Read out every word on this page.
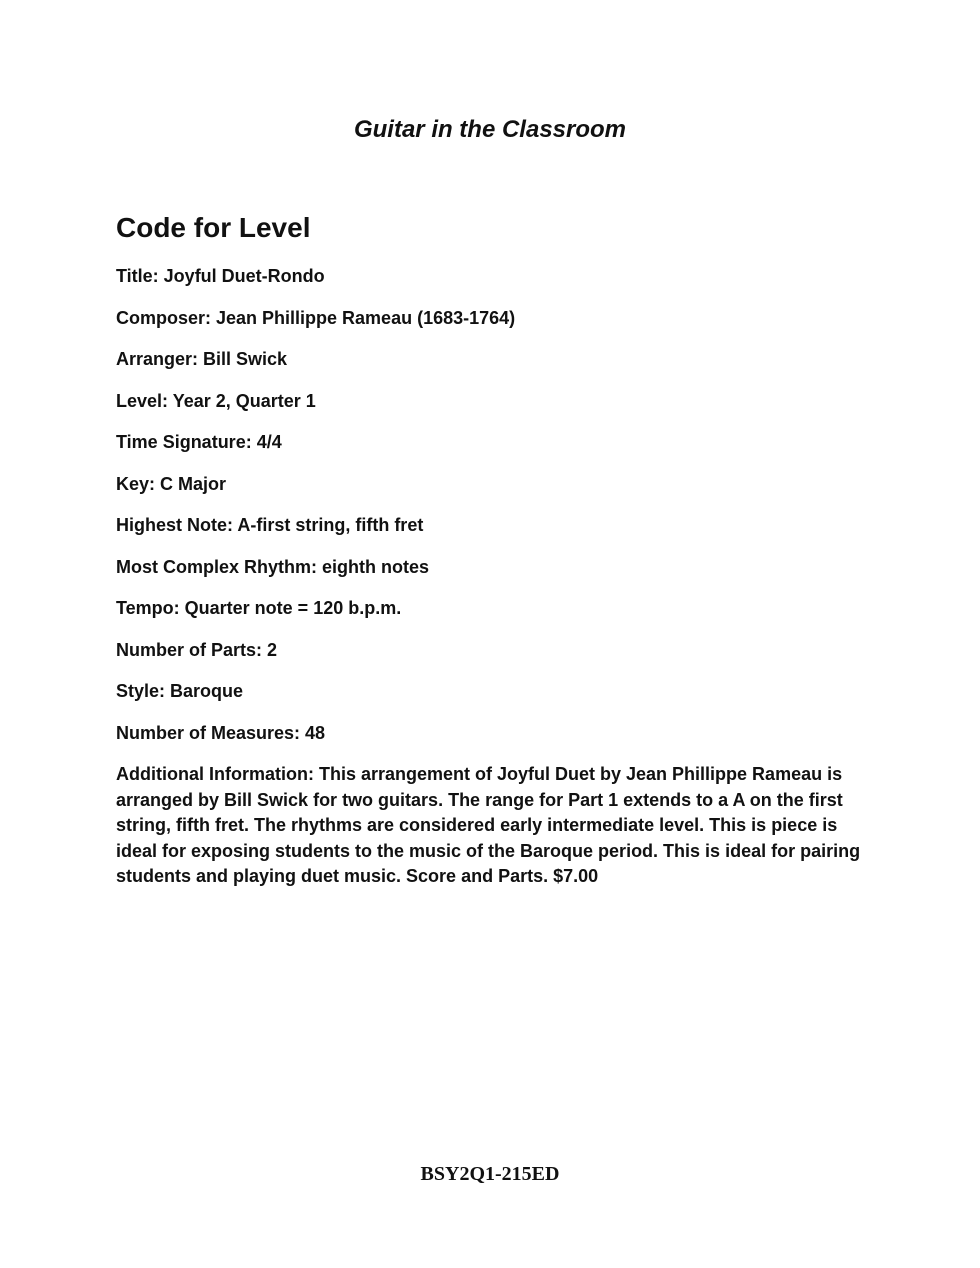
Guitar in the Classroom
Code for Level
Title: Joyful Duet-Rondo
Composer: Jean Phillippe Rameau (1683-1764)
Arranger: Bill Swick
Level: Year 2, Quarter 1
Time Signature: 4/4
Key: C Major
Highest Note: A-first string, fifth fret
Most Complex Rhythm: eighth notes
Tempo: Quarter note = 120 b.p.m.
Number of Parts: 2
Style: Baroque
Number of Measures: 48

Additional Information: This arrangement of Joyful Duet by Jean Phillippe Rameau is arranged by Bill Swick for two guitars. The range for Part 1 extends to a A on the first string, fifth fret. The rhythms are considered early intermediate level. This is piece is ideal for exposing students to the music of the Baroque period. This is ideal for pairing students and playing duet music. Score and Parts. $7.00

BSY2Q1-215ED
